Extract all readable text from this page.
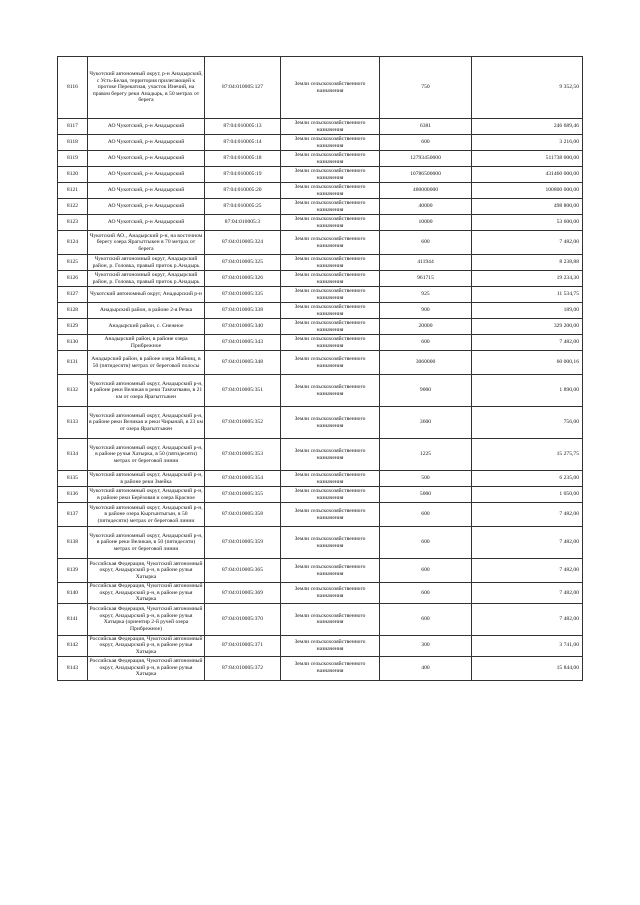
8116	Чукотский автономный округ, р-н Анадырский, с Усть-Белая, территория прилегающей к протоке Перекатная, участок Инечий, на правом берегу реки Анадырь, в 50 метрах от берега	87:04:010005:127	Земли сельскохозяйственного назначения	750	9 352,50
8117	АО Чукотский, р-н Анадырский	87:04:010005:13	Земли сельскохозяйственного назначения	6381	246 689,46
8118	АО Чукотский, р-н Анадырский	87:04:010005:14	Земли сельскохозяйственного назначения	600	3 216,00
8119	АО Чукотский, р-н Анадырский	87:04:010005:18	Земли сельскохозяйственного назначения	12793450000	511738 000,00
8120	АО Чукотский, р-н Анадырский	87:04:010005:19	Земли сельскохозяйственного назначения	10786500000	431460 000,00
8121	АО Чукотский, р-н Анадырский	87:04:010005:20	Земли сельскохозяйственного назначения	480000000	100800 000,00
8122	АО Чукотский, р-н Анадырский	87:04:010005:25	Земли сельскохозяйственного назначения	40000	498 800,00
8123	АО Чукотский, р-н Анадырский	87:04:010005:3	Земли сельскохозяйственного назначения	10000	53 600,00
8124	Чукотский АО., Анадырский р-н, на восточном берегу озера Ярагытгыкен в 70 метрах от берега	87:04:010005:324	Земли сельскохозяйственного назначения	600	7 482,00
8125	Чукотский автономный округ, Анадырский район, р. Головка, правый приток р.Анадырь	87:04:010005:325	Земли сельскохозяйственного назначения	411944	8 238,88
8126	Чукотский автономный округ, Анадырский район, р. Головка, правый приток р.Анадырь	87:04:010005:326	Земли сельскохозяйственного назначения	961715	19 234,30
8127	Чукотский автономный округ, Анадырский р-н	87:04:010005:335	Земли сельскохозяйственного назначения	925	11 534,75
8128	Анадырский район, в районе 2-я Речка	87:04:010005:338	Земли сельскохозяйственного назначения	900	189,00
8129	Анадырский район, с. Снежное	87:04:010005:340	Земли сельскохозяйственного назначения	20000	329 200,00
8130	Анадырский район, в районе озера Прибрежное	87:04:010005:343	Земли сельскохозяйственного назначения	600	7 482,00
8131	Анадырский район, в районе озера Майниц, в 50 (пятидесяти) метрах от береговой полосы	87:04:010005:348	Земли сельскохозяйственного назначения	3060000	60 000,16
8132	Чукотский автономный округ, Анадырский р-н, в районе реки Великая в реки Тамчатваям, в 21 км от озера Ярагытгыкен	87:04:010005:351	Земли сельскохозяйственного назначения	9000	1 890,00
8133	Чукотский автономный округ, Анадырский р-н, в районе реки Великая и реки Чирынай, в 23 км от озера Ярагытгыкен	87:04:010005:352	Земли сельскохозяйственного назначения	3600	756,00
8134	Чукотский автономный округ, Анадырский р-н, в районе ручья Хатырка, в 50 (пятидесяти) метрах от береговой линии	87:04:010005:353	Земли сельскохозяйственного назначения	1225	15 275,75
8135	Чукотский автономный округ, Анадырский р-н, в районе реки Змейка	87:04:010005:354	Земли сельскохозяйственного назначения	500	6 235,00
8136	Чукотский автономный округ, Анадырский р-н, в районе реки Берёзовая и озера Красное	87:04:010005:355	Земли сельскохозяйственного назначения	5000	1 050,00
8137	Чукотский автономный округ, Анадырский р-н, в районе озера Кыргынтыгын, в 50 (пятидесяти) метрах от береговой линии	87:04:010005:358	Земли сельскохозяйственного назначения	600	7 482,00
8138	Чукотский автономный округ, Анадырский р-н, в районе реки Великая, в 50 (пятидесяти) метрах от береговой линии	87:04:010005:359	Земли сельскохозяйственного назначения	600	7 482,00
8139	Российская Федерация, Чукотский автономный округ, Анадырский р-н, в районе ручья Хатырка	87:04:010005:365	Земли сельскохозяйственного назначения	600	7 482,00
8140	Российская Федерация, Чукотский автономный округ, Анадырский р-н, в районе ручья Хатырка	87:04:010005:369	Земли сельскохозяйственного назначения	600	7 482,00
8141	Российская Федерация, Чукотский автономный округ, Анадырский р-н, в районе ручья Хатырка (ориентир 2-й ручей озера Прибрежное)	87:04:010005:370	Земли сельскохозяйственного назначения	600	7 482,00
8142	Российская Федерация, Чукотский автономный округ, Анадырский р-н, в районе ручья Хатырка	87:04:010005:371	Земли сельскохозяйственного назначения	300	3 741,00
8143	Российская Федерация, Чукотский автономный округ, Анадырский р-н, в районе ручья Хатырка	87:04:010005:372	Земли сельскохозяйственного назначения	400	15 844,00
